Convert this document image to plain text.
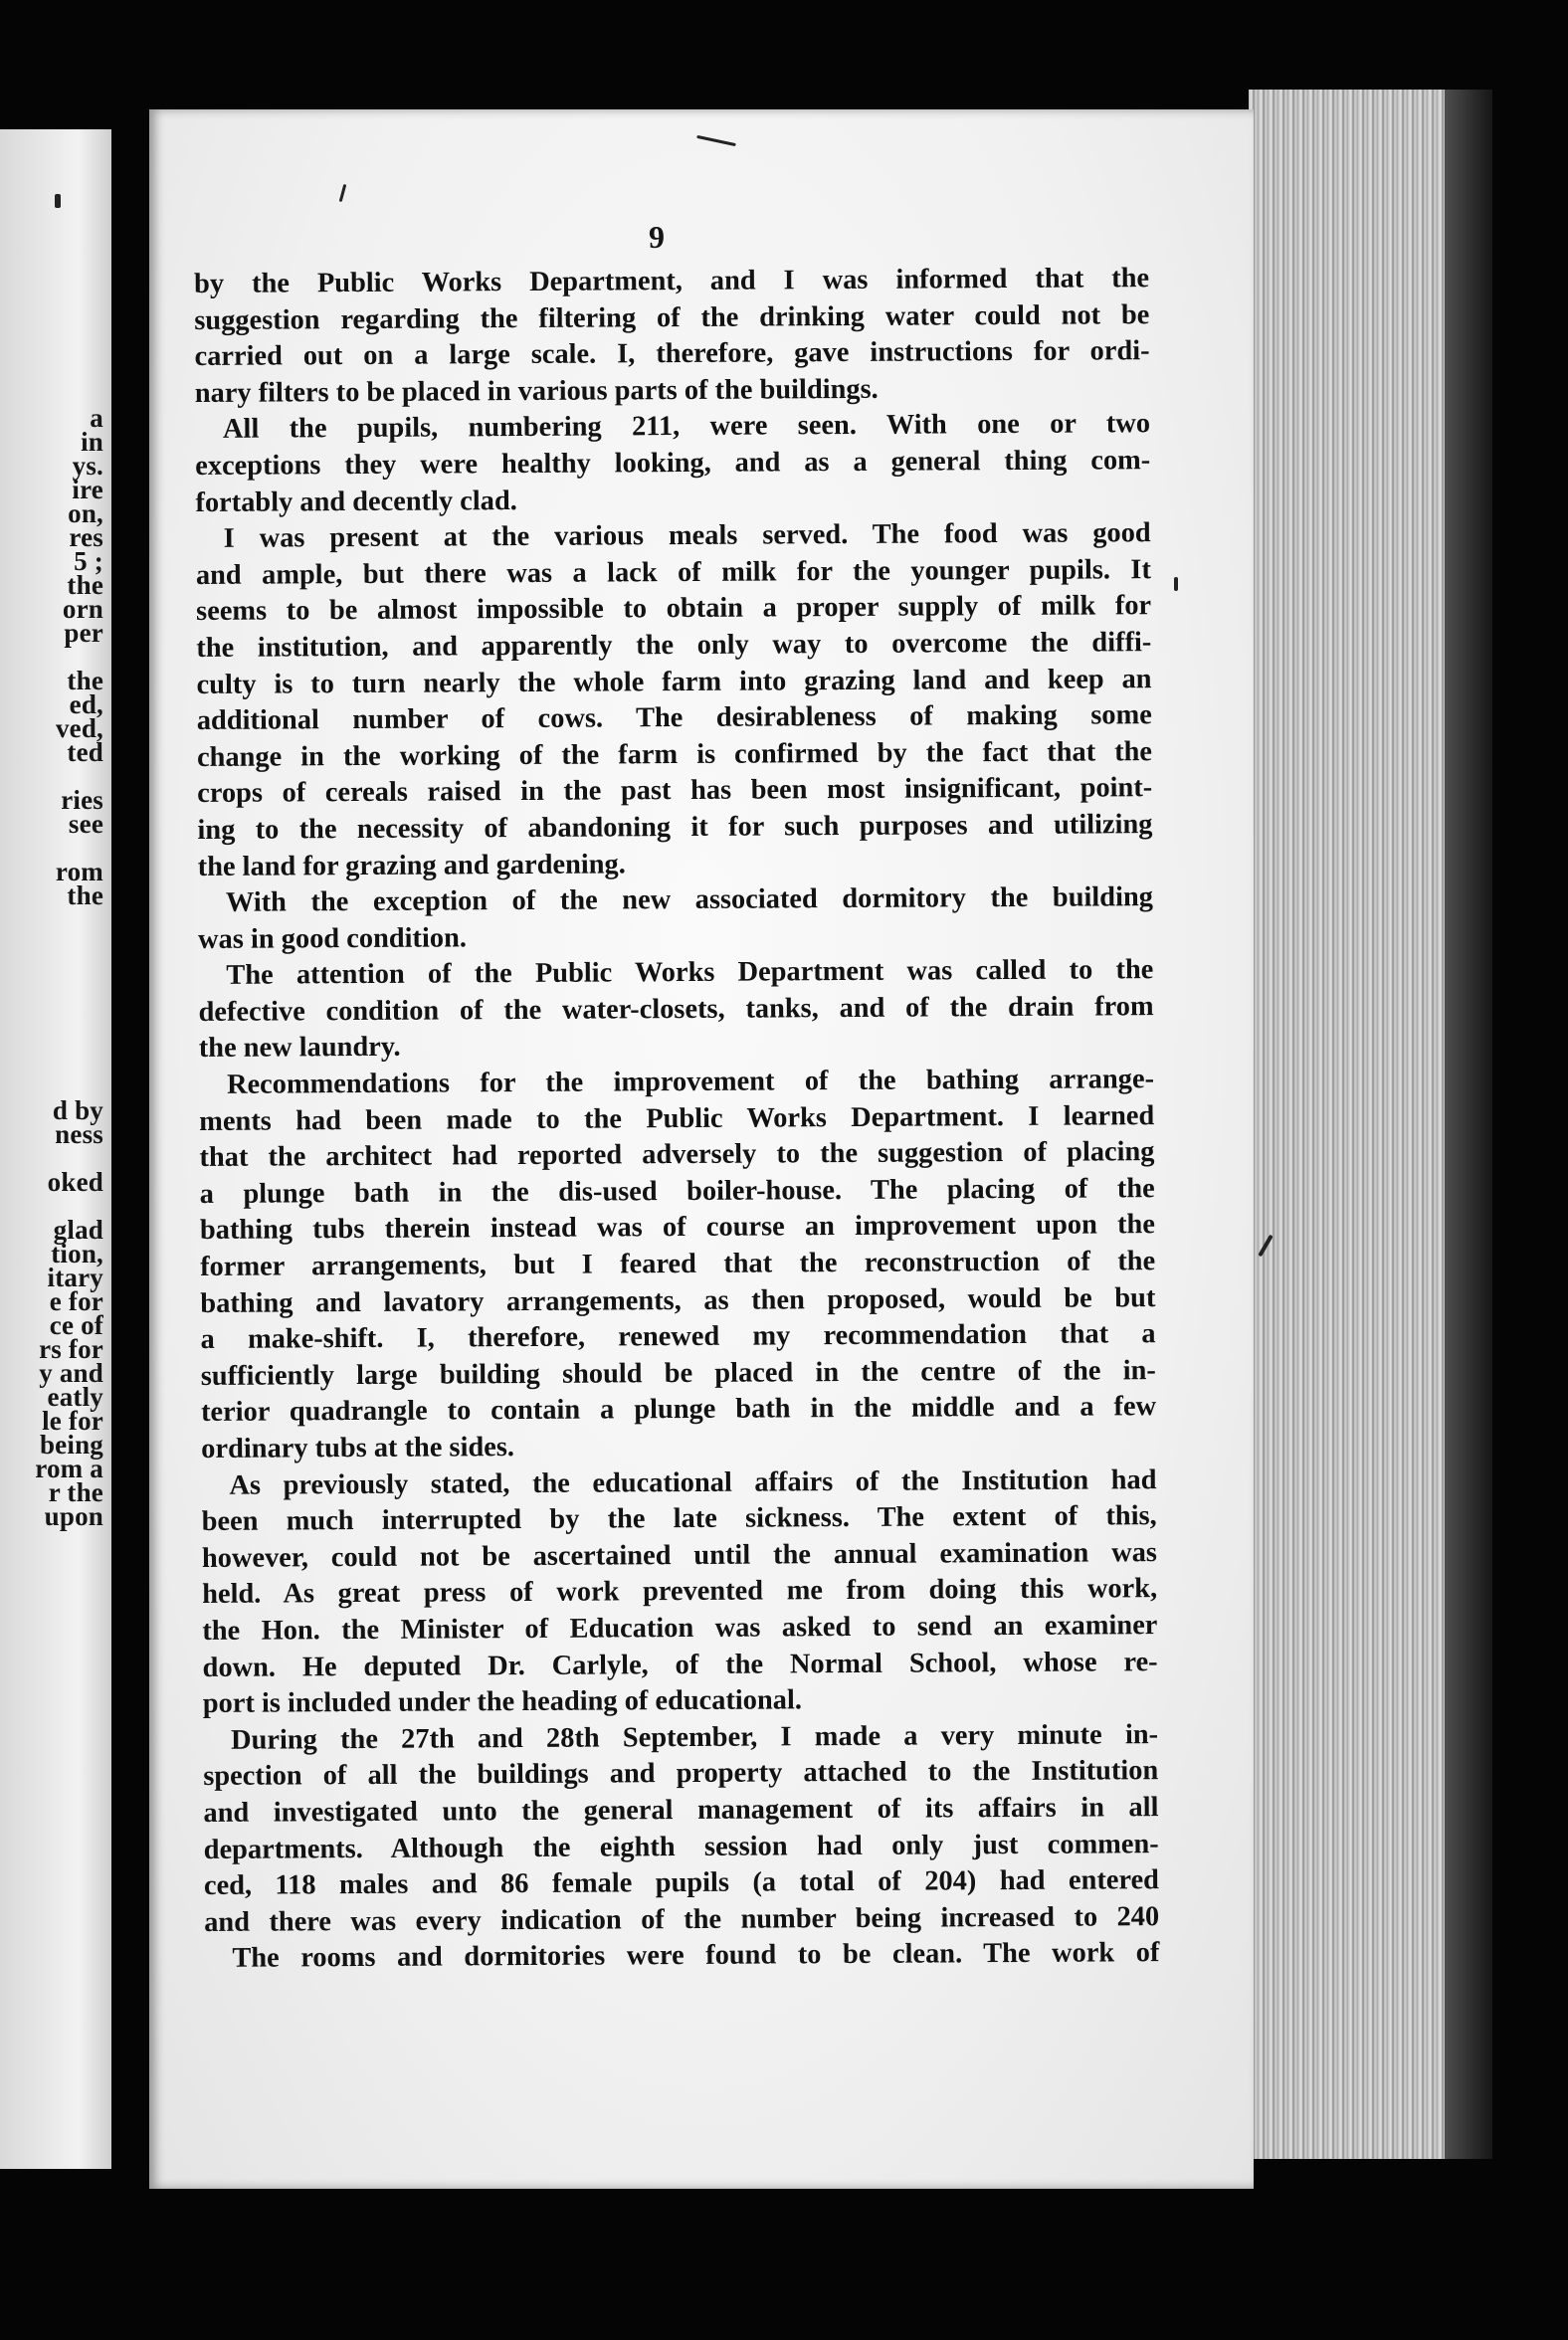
a
in
ys.
ire
on,
res
5 ;
the
orn
per
the
ed,
ved,
ted
ries
see
rom
the
d by
ness
oked
glad
tion,
itary
e for
ce of
rs for
y and
eatly
le for
being
rom a
r the
upon
9
by the Public Works Department, and I was informed that the
suggestion regarding the filtering of the drinking water could not be
carried out on a large scale. I, therefore, gave instructions for ordi-
nary filters to be placed in various parts of the buildings.
All the pupils, numbering 211, were seen. With one or two
exceptions they were healthy looking, and as a general thing com-
fortably and decently clad.
I was present at the various meals served. The food was good
and ample, but there was a lack of milk for the younger pupils. It
seems to be almost impossible to obtain a proper supply of milk for
the institution, and apparently the only way to overcome the diffi-
culty is to turn nearly the whole farm into grazing land and keep an
additional number of cows. The desirableness of making some
change in the working of the farm is confirmed by the fact that the
crops of cereals raised in the past has been most insignificant, point-
ing to the necessity of abandoning it for such purposes and utilizing
the land for grazing and gardening.
With the exception of the new associated dormitory the building
was in good condition.
The attention of the Public Works Department was called to the
defective condition of the water-closets, tanks, and of the drain from
the new laundry.
Recommendations for the improvement of the bathing arrange-
ments had been made to the Public Works Department. I learned
that the architect had reported adversely to the suggestion of placing
a plunge bath in the dis-used boiler-house. The placing of the
bathing tubs therein instead was of course an improvement upon the
former arrangements, but I feared that the reconstruction of the
bathing and lavatory arrangements, as then proposed, would be but
a make-shift. I, therefore, renewed my recommendation that a
sufficiently large building should be placed in the centre of the in-
terior quadrangle to contain a plunge bath in the middle and a few
ordinary tubs at the sides.
As previously stated, the educational affairs of the Institution had
been much interrupted by the late sickness. The extent of this,
however, could not be ascertained until the annual examination was
held. As great press of work prevented me from doing this work,
the Hon. the Minister of Education was asked to send an examiner
down. He deputed Dr. Carlyle, of the Normal School, whose re-
port is included under the heading of educational.
During the 27th and 28th September, I made a very minute in-
spection of all the buildings and property attached to the Institution
and investigated unto the general management of its affairs in all
departments. Although the eighth session had only just commen-
ced, 118 males and 86 female pupils (a total of 204) had entered
and there was every indication of the number being increased to 240
The rooms and dormitories were found to be clean. The work of
